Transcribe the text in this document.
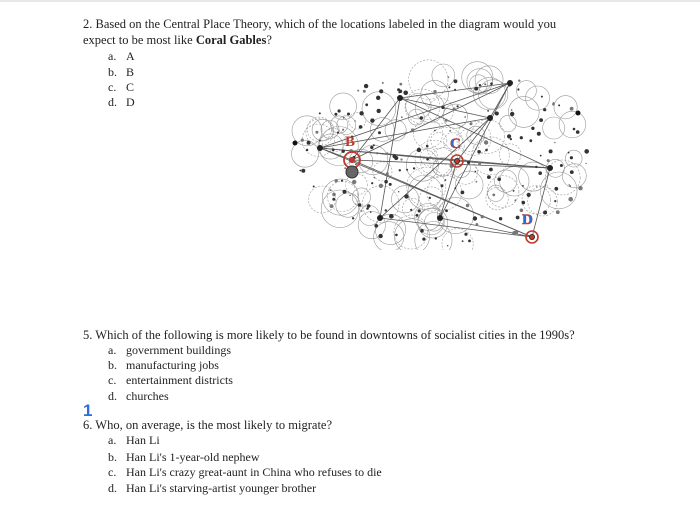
2. Based on the Central Place Theory, which of the locations labeled in the diagram would you
expect to be most like Coral Gables?
a. A
b. B
c. C
d. D
B	C
D
5. Which of the following is more likely to be found in downtowns of socialist cities in the 1990s?
a. government buildings
b. manufacturing jobs
c. entertainment districts
d. churches
1
6. Who, on average, is the most likely to migrate?
a. Han Li
b. Han Li's 1-year-old nephew
c. Han Li's crazy great-aunt in China who refuses to die
d. Han Li's starving-artist younger brother
